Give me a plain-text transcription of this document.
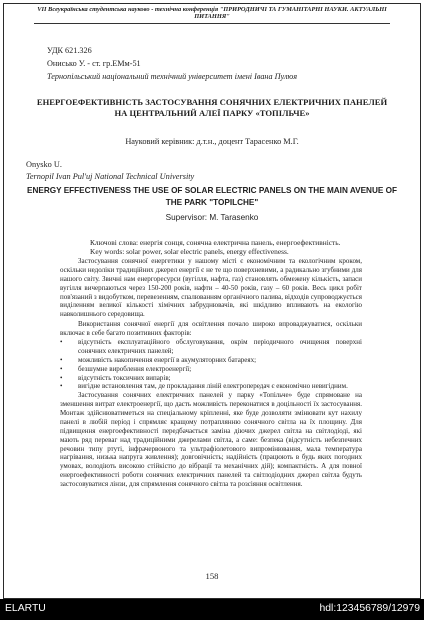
VII Всеукраїнська студентська науково - технічна конференція "ПРИРОДНИЧІ ТА ГУМАНІТАРНІ НАУКИ. АКТУАЛЬНІ ПИТАННЯ"
УДК 621.326
Онисько У. - ст. гр.ЕМм-51
Тернопільський національний технічний університет імені Івана Пулюя
ЕНЕРГОЕФЕКТИВНІСТЬ ЗАСТОСУВАННЯ СОНЯЧНИХ ЕЛЕКТРИЧНИХ ПАНЕЛЕЙ НА ЦЕНТРАЛЬНИЙ АЛЕЇ ПАРКУ «ТОПІЛЬЧЕ»
Науковий керівник: д.т.н., доцент Тарасенко М.Г.
Onysko U.
Ternopil Ivan Pul'uj National Technical University
ENERGY EFFECTIVENESS THE USE OF SOLAR ELECTRIC PANELS ON THE MAIN AVENUE OF THE PARK "TOPILCHE"
Supervisor: M. Tarasenko
Ключові слова: енергія сонця, сонячна електрична панель, енергоефективність.
Key words: solar power, solar electric panels, energy effectiveness.

Застосування сонячної енергетики у нашому місті є економічним та екологічним кроком, оскільки недоліки традиційних джерел енергії є не те що поверхневими, а радикально згубними для нашого світу. Звичні нам енергоресурси (вугілля, нафта, газ) становлять обмежену кількість, запаси вугілля вичерпаються через 150-200 років, нафти – 40-50 років, газу – 60 років. Весь цикл робіт пов'язаний з видобутком, перевезенням, спалюванням органічного палива, відходів супроводжується виділенням великої кількості хімічних забруднювачів, які шкідливо впливають на екологію навколишнього середовища.

Використання сонячної енергії для освітлення почало широко впроваджуватися, оскільки включає в себе багато позитивних факторів:

• відсутність експлуатаційного обслуговування, окрім періодичного очищення поверхні сонячних електричних панелей;
• можливість накопичення енергії в акумуляторних батареях;
• безшумне вироблення електроенергії;
• відсутність токсичних випарів;
• вигідне встановлення там, де прокладання ліній електропередач є економічно невигідним.

Застосування сонячних електричних панелей у парку «Топільче» буде спрямоване на зменшення витрат електроенергії, що дасть можливість переконатися в доцільності їх застосування. Монтаж здійснюватиметься на спеціальному кріпленні, яке буде дозволяти змінювати кут нахилу панелі в любій період і спрямляє кращому потраплянню сонячного світла на їх площину. Для підвищення енергоефективності передбачається заміна діючих джерел світла на світлодіоді, які мають ряд переваг над традиційними джерелами світла, а саме: безпека (відсутність небезпечних речовин типу ртуті, інфрачервоного та ультрафіолетового випромінювання, мала температура нагрівання, низька напруга живлення); довговічність; надійність (працюють в будь яких погодних умовах, володіють високою стійкістю до вібрації та механічних дій); компактність. А для повної енергоефективності роботи сонячних електричних панелей та світлодіодних джерел світла будуть застосовуватися лінзи, для спрямлення сонячного світла та розсіяння освітлення.

158
ELARTU	hdl:123456789/12979
